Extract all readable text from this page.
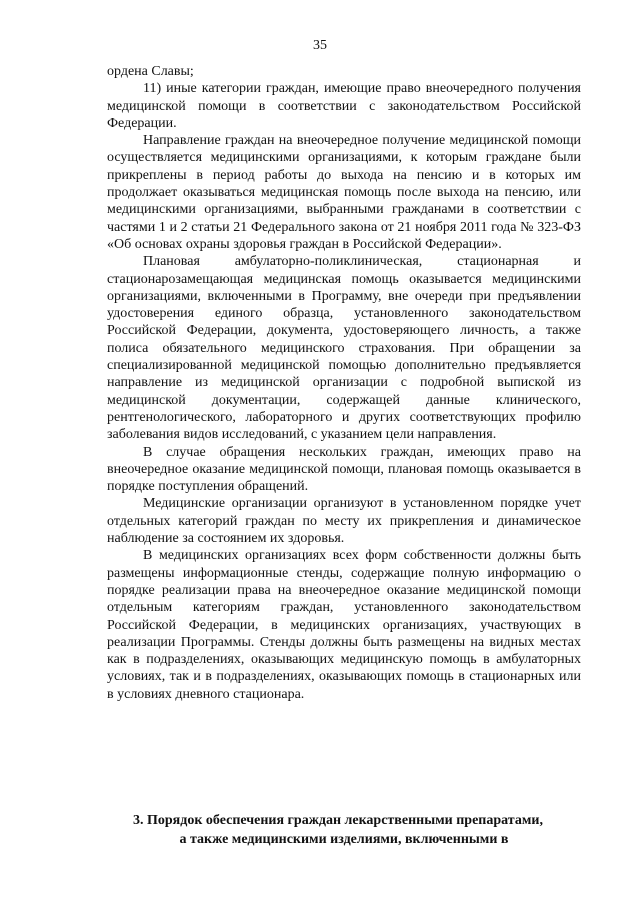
35

ордена Славы;

11) иные категории граждан, имеющие право внеочередного получения медицинской помощи в соответствии с законодательством Российской Федерации.

Направление граждан на внеочередное получение медицинской помощи осуществляется медицинскими организациями, к которым граждане были прикреплены в период работы до выхода на пенсию и в которых им продолжает оказываться медицинская помощь после выхода на пенсию, или медицинскими организациями, выбранными гражданами в соответствии с частями 1 и 2 статьи 21 Федерального закона от 21 ноября 2011 года № 323-ФЗ «Об основах охраны здоровья граждан в Российской Федерации».

Плановая амбулаторно-поликлиническая, стационарная и стационарозамещающая медицинская помощь оказывается медицинскими организациями, включенными в Программу, вне очереди при предъявлении удостоверения единого образца, установленного законодательством Российской Федерации, документа, удостоверяющего личность, а также полиса обязательного медицинского страхования. При обращении за специализированной медицинской помощью дополнительно предъявляется направление из медицинской организации с подробной выпиской из медицинской документации, содержащей данные клинического, рентгенологического, лабораторного и других соответствующих профилю заболевания видов исследований, с указанием цели направления.

В случае обращения нескольких граждан, имеющих право на внеочередное оказание медицинской помощи, плановая помощь оказывается в порядке поступления обращений.

Медицинские организации организуют в установленном порядке учет отдельных категорий граждан по месту их прикрепления и динамическое наблюдение за состоянием их здоровья.

В медицинских организациях всех форм собственности должны быть размещены информационные стенды, содержащие полную информацию о порядке реализации права на внеочередное оказание медицинской помощи отдельным категориям граждан, установленного законодательством Российской Федерации, в медицинских организациях, участвующих в реализации Программы. Стенды должны быть размещены на видных местах как в подразделениях, оказывающих медицинскую помощь в амбулаторных условиях, так и в подразделениях, оказывающих помощь в стационарных или в условиях дневного стационара.

3. Порядок обеспечения граждан лекарственными препаратами,
а также медицинскими изделиями, включенными в
